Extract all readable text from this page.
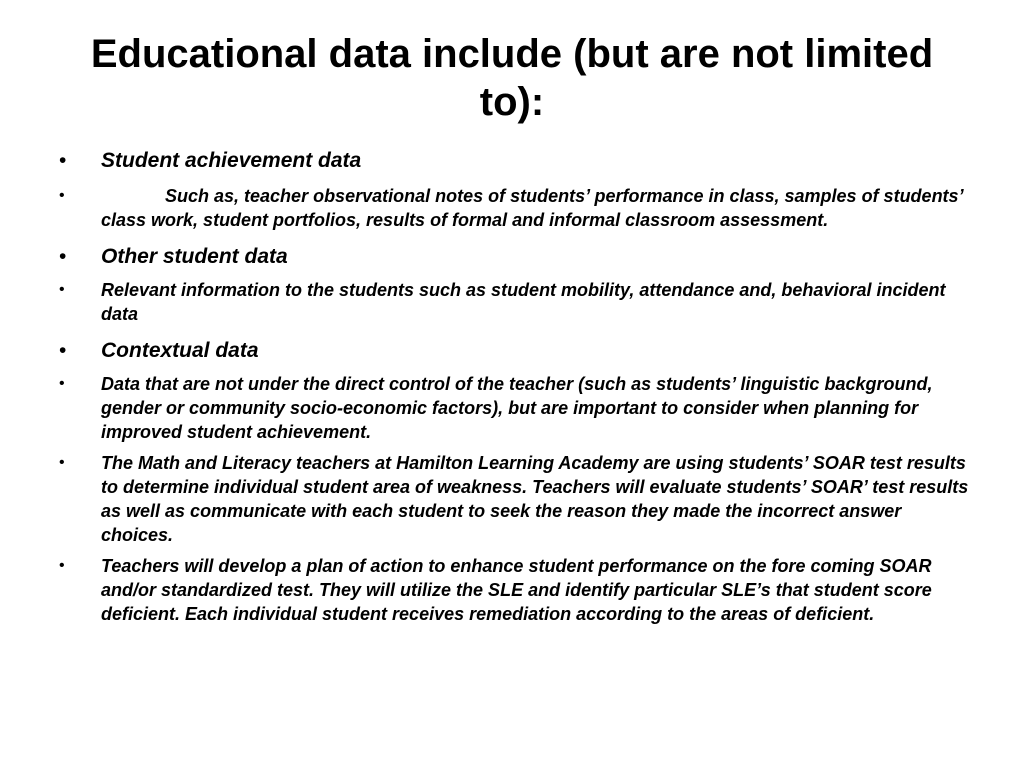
Educational data include (but are not limited to):
• Student achievement data
•	Such as, teacher observational notes of students’ performance in class, samples of students’ class work, student portfolios, results of formal and informal classroom assessment.
• Other student data
• Relevant information to the students such as student mobility, attendance and, behavioral incident data
• Contextual data
• Data that are not under the direct control of the teacher (such as students’ linguistic background, gender or community socio-economic factors), but are important to consider when planning for improved student achievement.
• The Math and Literacy teachers at Hamilton Learning Academy are using students’ SOAR test results to determine individual student area of weakness. Teachers will evaluate students’ SOAR’ test results as well as communicate with each student to seek the reason they made the incorrect answer choices.
• Teachers will develop a plan of action to enhance student performance on the fore coming SOAR and/or standardized test. They will utilize the SLE and identify particular SLE’s that student score deficient. Each individual student receives remediation according to the areas of deficient.
